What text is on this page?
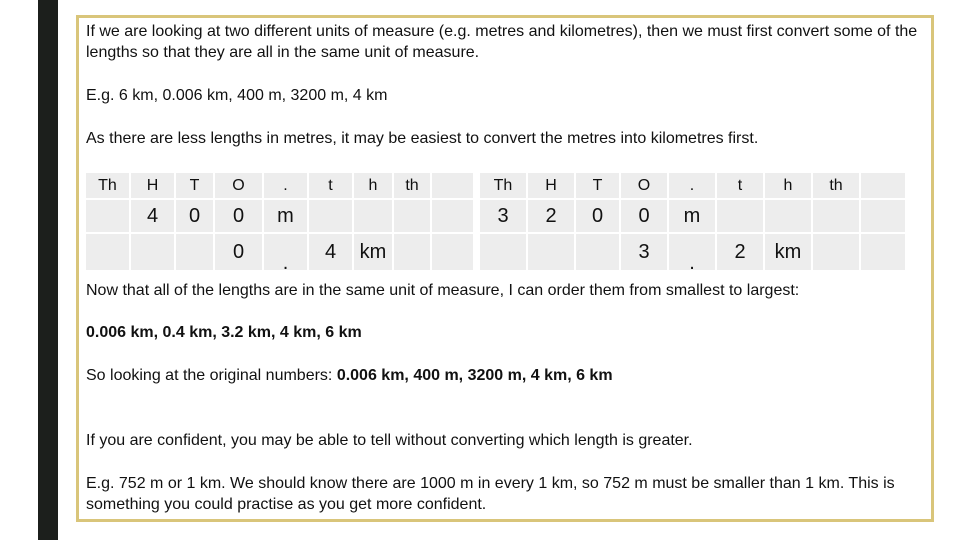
If we are looking at two different units of measure (e.g. metres and kilometres), then we must first convert some of the lengths so that they are all in the same unit of measure.

E.g. 6 km, 0.006 km, 400 m, 3200 m, 4 km

As there are less lengths in metres, it may be easiest to convert the metres into kilometres first.

Th	H	T	O	.	t	h	th	
	4	0	0	m				
			0	.	4	km		
Th	H	T	O	.	t	h	th	
3	2	0	0	m				
			3	.	2	km		

Now that all of the lengths are in the same unit of measure, I can order them from smallest to largest:

0.006 km, 0.4 km, 3.2 km, 4 km, 6 km

So looking at the original numbers: 0.006 km, 400 m, 3200 m, 4 km, 6 km

If you are confident, you may be able to tell without converting which length is greater.

E.g. 752 m or 1 km. We should know there are 1000 m in every 1 km, so 752 m must be smaller than 1 km. This is something you could practise as you get more confident.
